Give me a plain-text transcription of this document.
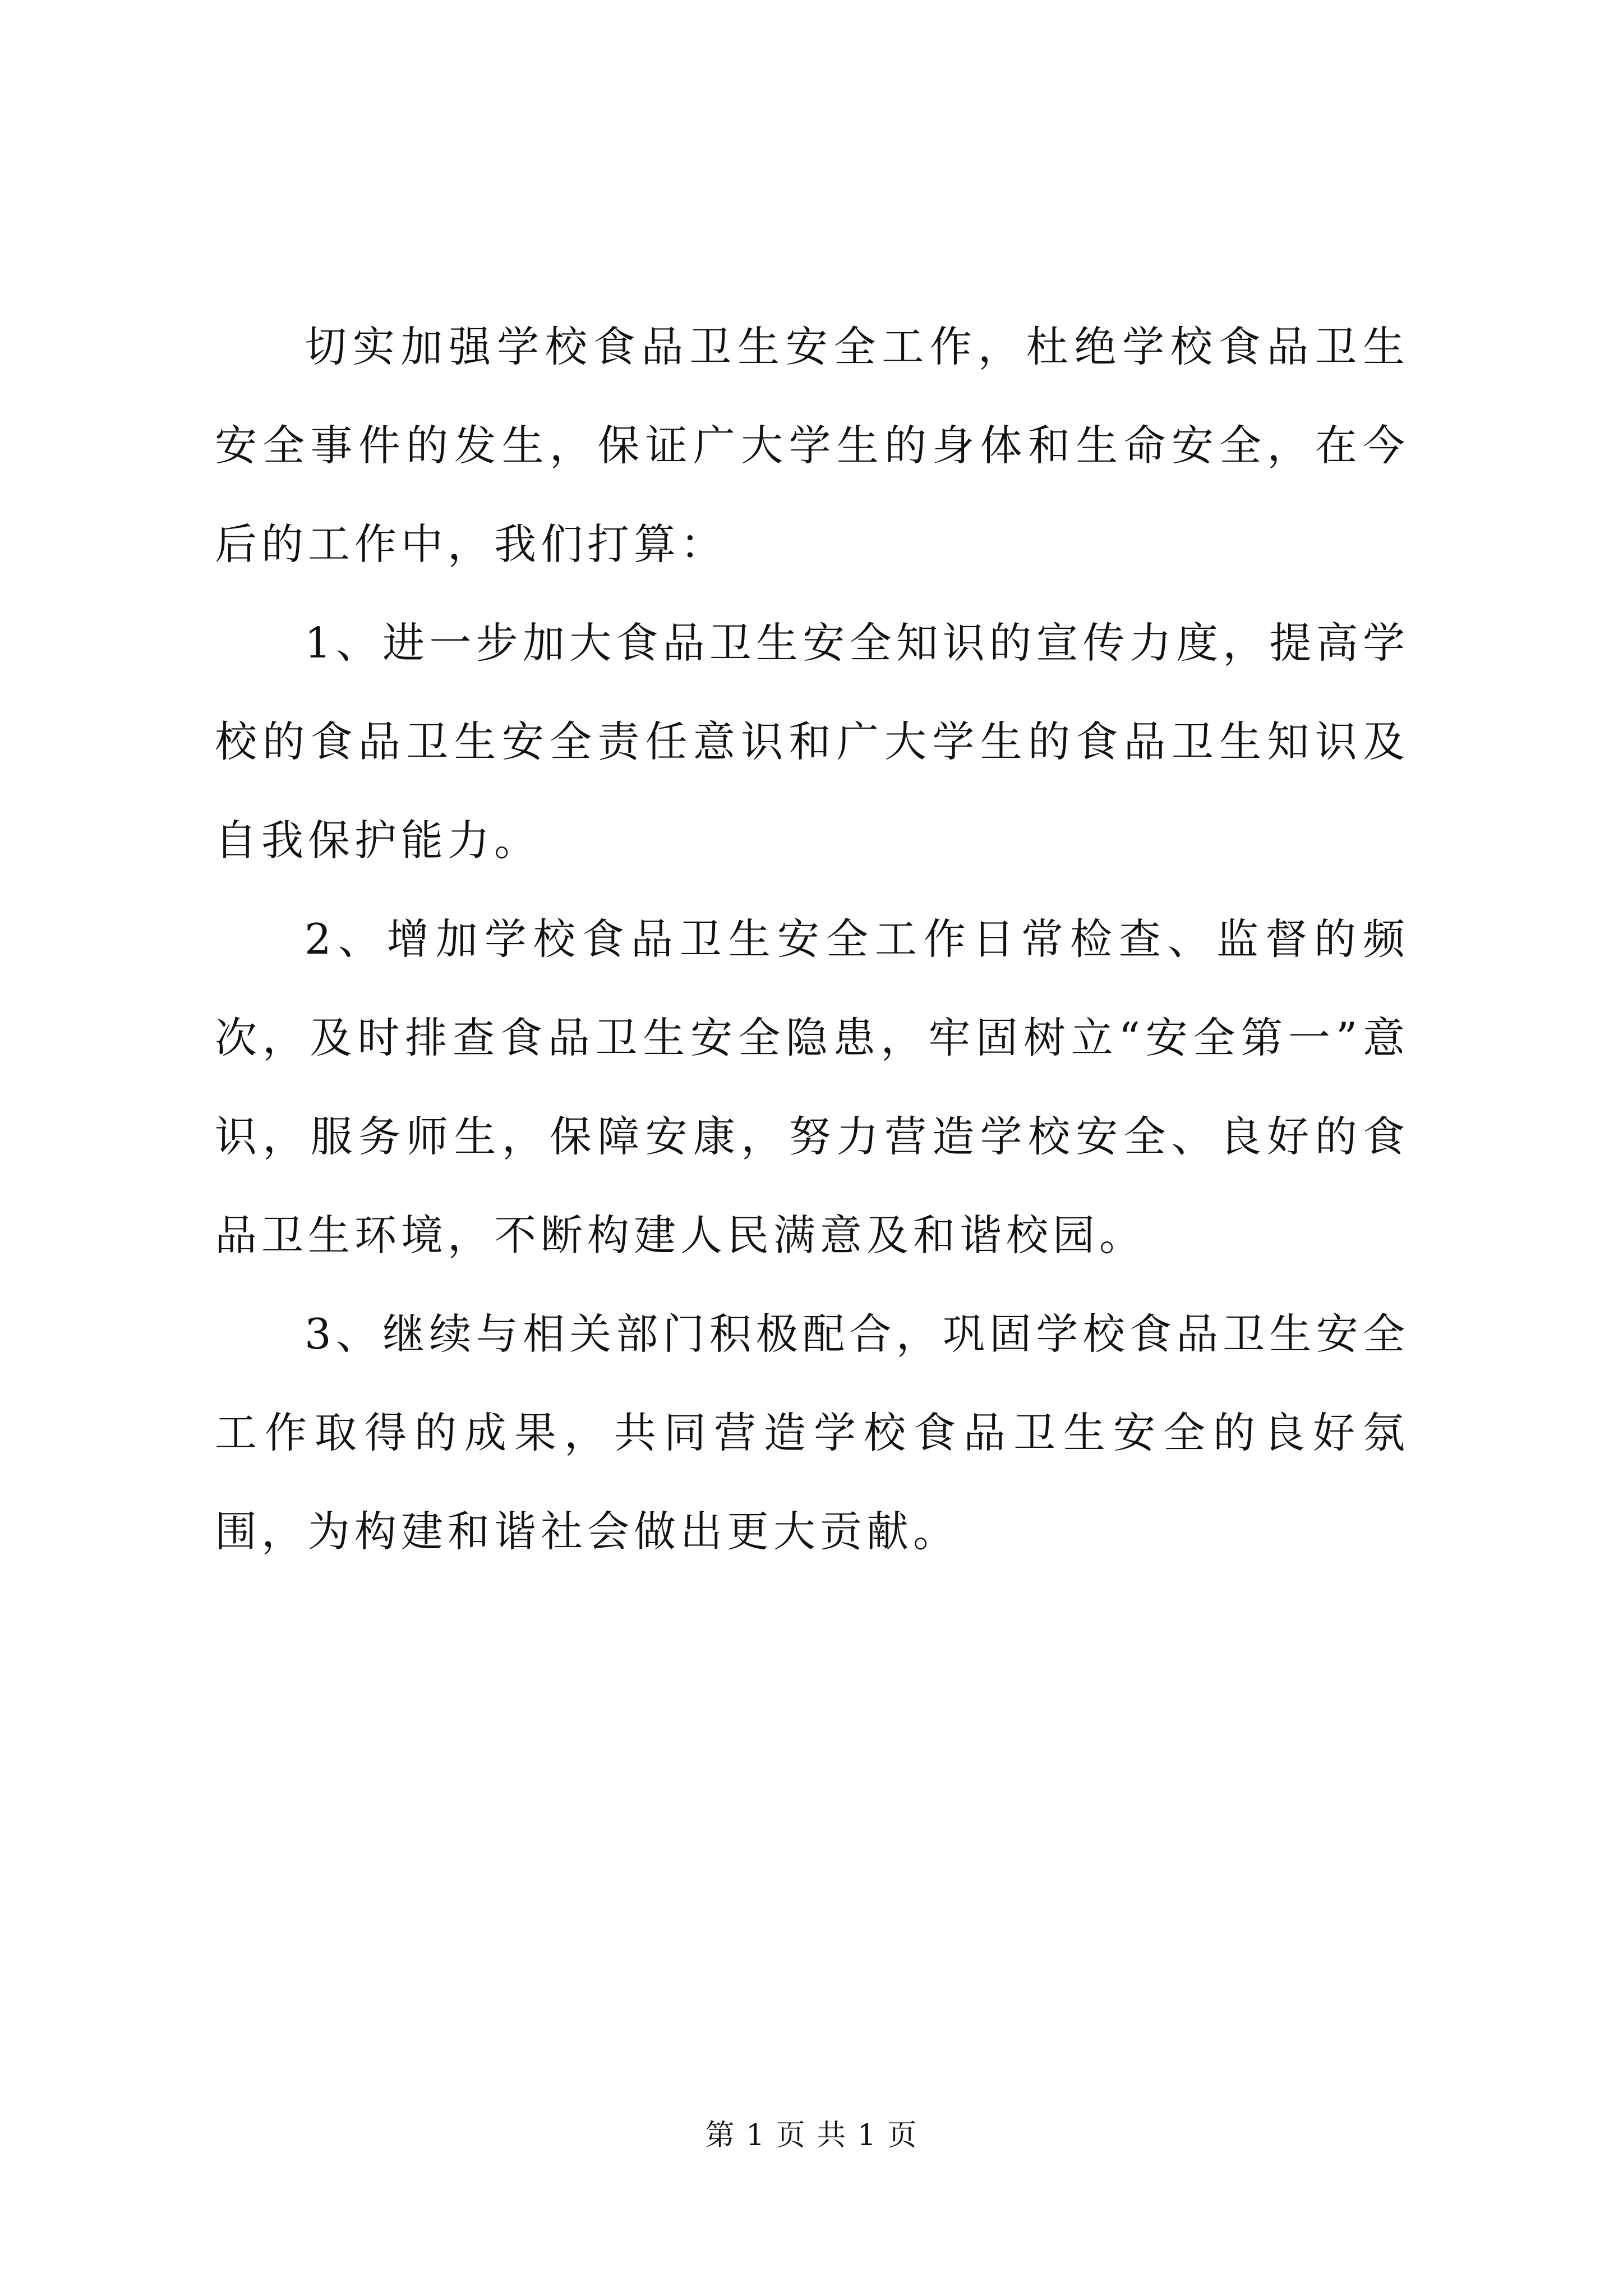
切实加强学校食品卫生安全工作，杜绝学校食品卫生安全事件的发生，保证广大学生的身体和生命安全，在今后的工作中，我们打算：

1、进一步加大食品卫生安全知识的宣传力度，提高学校的食品卫生安全责任意识和广大学生的食品卫生知识及自我保护能力。

2、增加学校食品卫生安全工作日常检查、监督的频次，及时排查食品卫生安全隐患，牢固树立“安全第一”意识，服务师生，保障安康，努力营造学校安全、良好的食品卫生环境，不断构建人民满意及和谐校园。

3、继续与相关部门积极配合，巩固学校食品卫生安全工作取得的成果，共同营造学校食品卫生安全的良好氛围，为构建和谐社会做出更大贡献。

第 1 页 共 1 页
